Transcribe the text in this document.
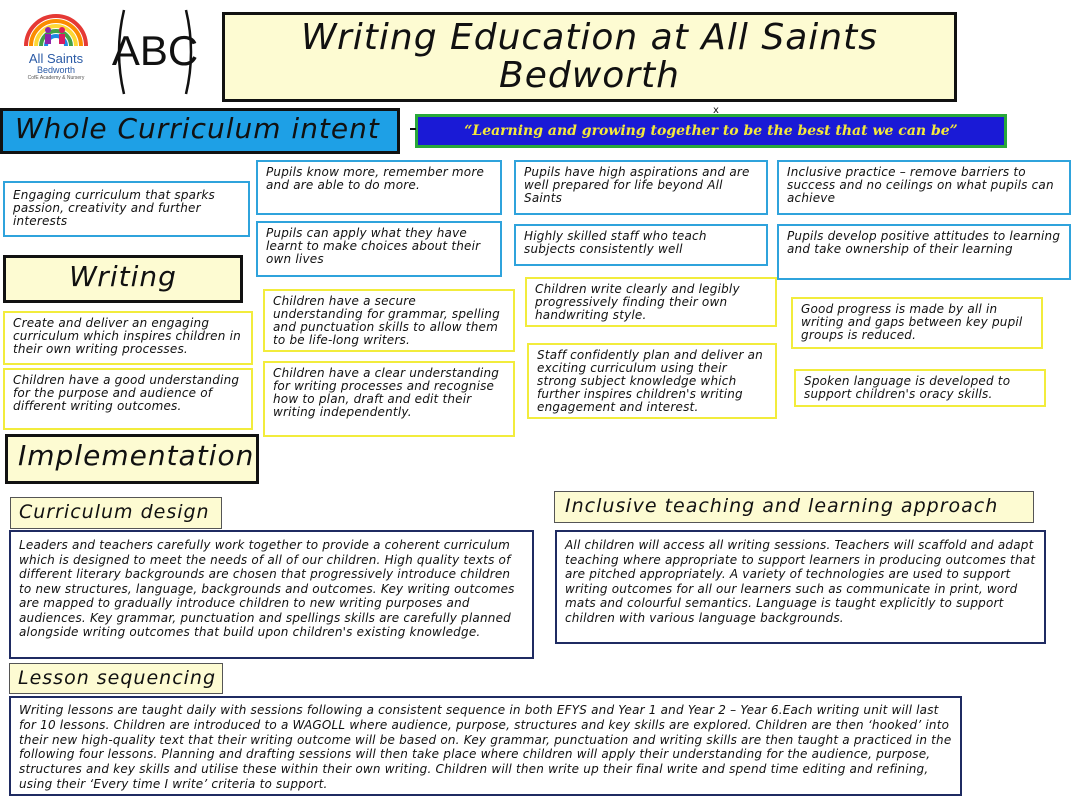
All Saints
Bedworth
CofE Academy & Nursery
ABC	Writing Education at All Saints
Bedworth
Whole Curriculum intent	“Learning and growing together to be the best that we can be”
x
Engaging curriculum that sparks passion, creativity and further interests
Pupils know more, remember more and are able to do more.
Pupils have high aspirations and are well prepared for life beyond All Saints
Inclusive practice – remove barriers to success and no ceilings on what pupils can achieve
Pupils can apply what they have learnt to make choices about their own lives
Highly skilled staff who teach subjects consistently well
Pupils develop positive attitudes to learning and take ownership of their learning
Writing
Create and deliver an engaging curriculum which inspires children in their own writing processes.
Children have a good understanding for the purpose and audience of different writing outcomes.
Children have a secure understanding for grammar, spelling and punctuation skills to allow them to be life-long writers.
Children have a clear understanding for writing processes and recognise how to plan, draft and edit their writing independently.
Children write clearly and legibly progressively finding their own handwriting style.
Staff confidently plan and deliver an exciting curriculum using their strong subject knowledge which further inspires children's writing engagement and interest.
Good progress is made by all in writing and gaps between key pupil groups is reduced.
Spoken language is developed to support children's oracy skills.
Implementation
Curriculum design
Leaders and teachers carefully work together to provide a coherent curriculum which is designed to meet the needs of all of our children. High quality texts of different literary backgrounds are chosen that progressively introduce children to new structures, language, backgrounds and outcomes. Key writing outcomes are mapped to gradually introduce children to new writing purposes and audiences. Key grammar, punctuation and spellings skills are carefully planned alongside writing outcomes that build upon children's existing knowledge.
Inclusive teaching and learning approach
All children will access all writing sessions. Teachers will scaffold and adapt teaching where appropriate to support learners in producing outcomes that are pitched appropriately. A variety of technologies are used to support writing outcomes for all our learners such as communicate in print, word mats and colourful semantics. Language is taught explicitly to support children with various language backgrounds.
Lesson sequencing
Writing lessons are taught daily with sessions following a consistent sequence in both EFYS and Year 1 and Year 2 – Year 6.Each writing unit will last for 10 lessons. Children are introduced to a WAGOLL where audience, purpose, structures and key skills are explored. Children are then ‘hooked’ into their new high-quality text that their writing outcome will be based on. Key grammar, punctuation and writing skills are then taught a practiced in the following four lessons. Planning and drafting sessions will then take place where children will apply their understanding for the audience, purpose, structures and key skills and utilise these within their own writing. Children will then write up their final write and spend time editing and refining, using their ‘Every time I write’ criteria to support.
